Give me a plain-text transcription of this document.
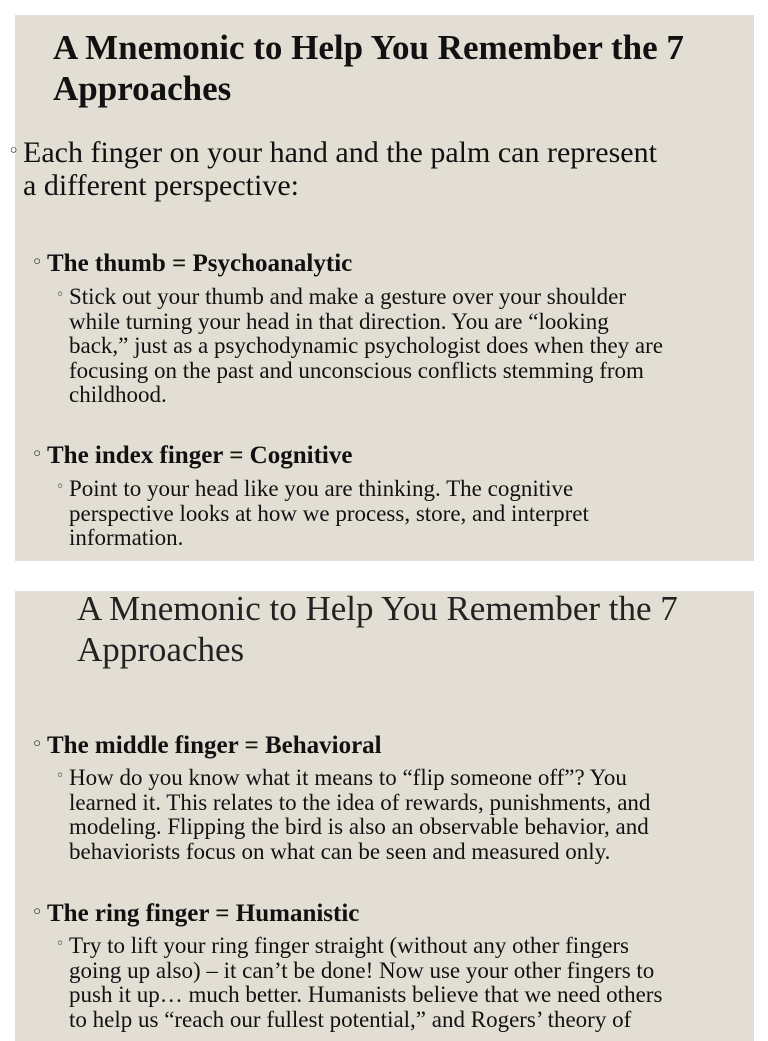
A Mnemonic to Help You Remember the 7
Approaches
◦ Each finger on your hand and the palm can represent
a different perspective:
◦ The thumb = Psychoanalytic
◦ Stick out your thumb and make a gesture over your shoulder
while turning your head in that direction. You are “looking
back,” just as a psychodynamic psychologist does when they are
focusing on the past and unconscious conflicts stemming from
childhood.
◦ The index finger = Cognitive
◦ Point to your head like you are thinking. The cognitive
perspective looks at how we process, store, and interpret
information.
A Mnemonic to Help You Remember the 7
Approaches
◦ The middle finger = Behavioral
◦ How do you know what it means to “flip someone off”? You
learned it. This relates to the idea of rewards, punishments, and
modeling. Flipping the bird is also an observable behavior, and
behaviorists focus on what can be seen and measured only.
◦ The ring finger = Humanistic
◦ Try to lift your ring finger straight (without any other fingers
going up also) – it can’t be done! Now use your other fingers to
push it up… much better. Humanists believe that we need others
to help us “reach our fullest potential,” and Rogers’ theory of
